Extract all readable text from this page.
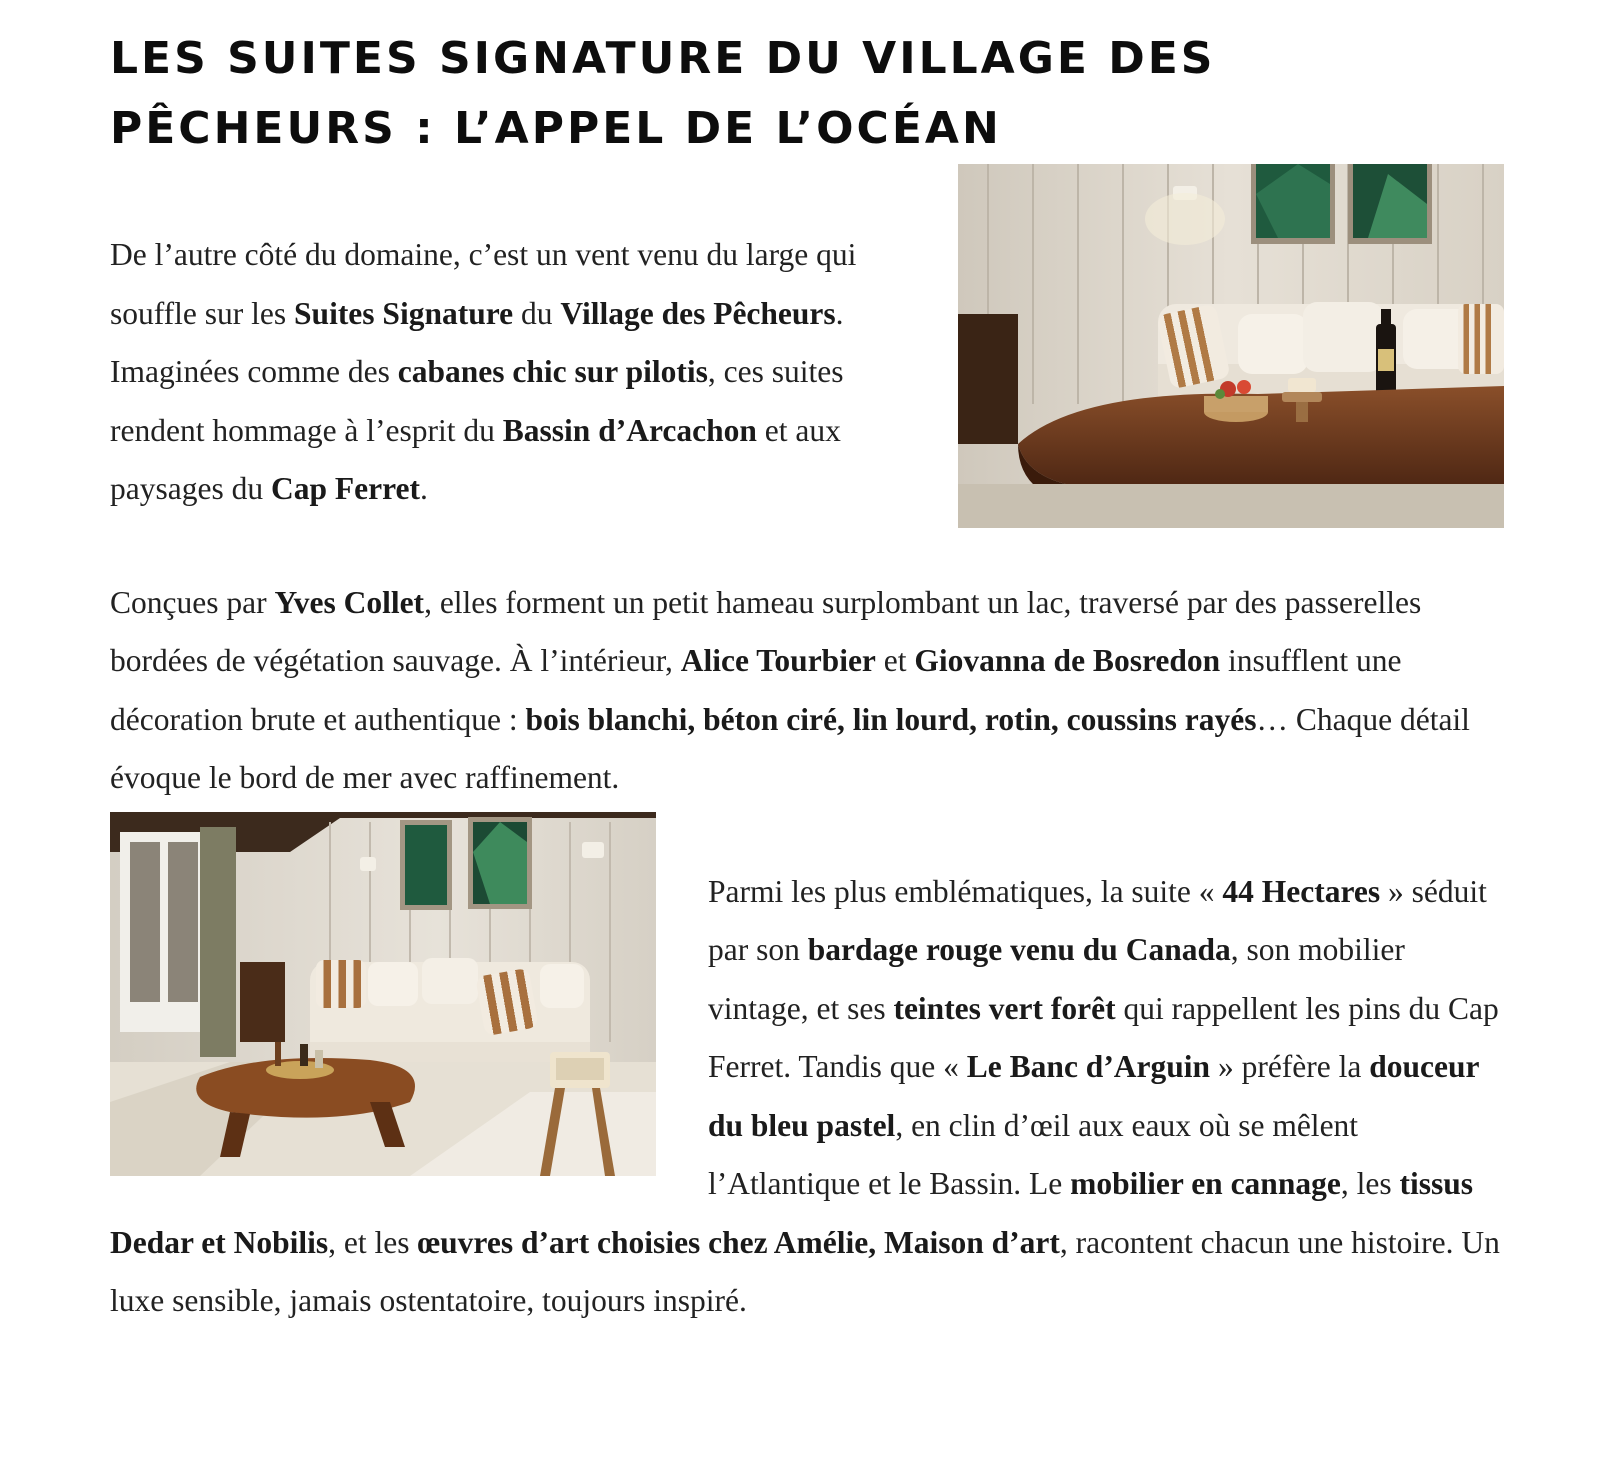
LES SUITES SIGNATURE DU VILLAGE DES
PÊCHEURS : L’APPEL DE L’OCÉAN

De l’autre côté du domaine, c’est un vent venu du large qui souffle sur les Suites Signature du Village des Pêcheurs. Imaginées comme des cabanes chic sur pilotis, ces suites rendent hommage à l’esprit du Bassin d’Arcachon et aux paysages du Cap Ferret.

Conçues par Yves Collet, elles forment un petit hameau surplombant un lac, traversé par des passerelles bordées de végétation sauvage. À l’intérieur, Alice Tourbier et Giovanna de Bosredon insufflent une décoration brute et authentique : bois blanchi, béton ciré, lin lourd, rotin, coussins rayés… Chaque détail évoque le bord de mer avec raffinement.

Parmi les plus emblématiques, la suite « 44 Hectares » séduit par son bardage rouge venu du Canada, son mobilier vintage, et ses teintes vert forêt qui rappellent les pins du Cap Ferret. Tandis que « Le Banc d’Arguin » préfère la douceur du bleu pastel, en clin d’œil aux eaux où se mêlent l’Atlantique et le Bassin. Le mobilier en cannage, les tissus Dedar et Nobilis, et les œuvres d’art choisies chez Amélie, Maison d’art, racontent chacun une histoire. Un luxe sensible, jamais ostentatoire, toujours inspiré.
